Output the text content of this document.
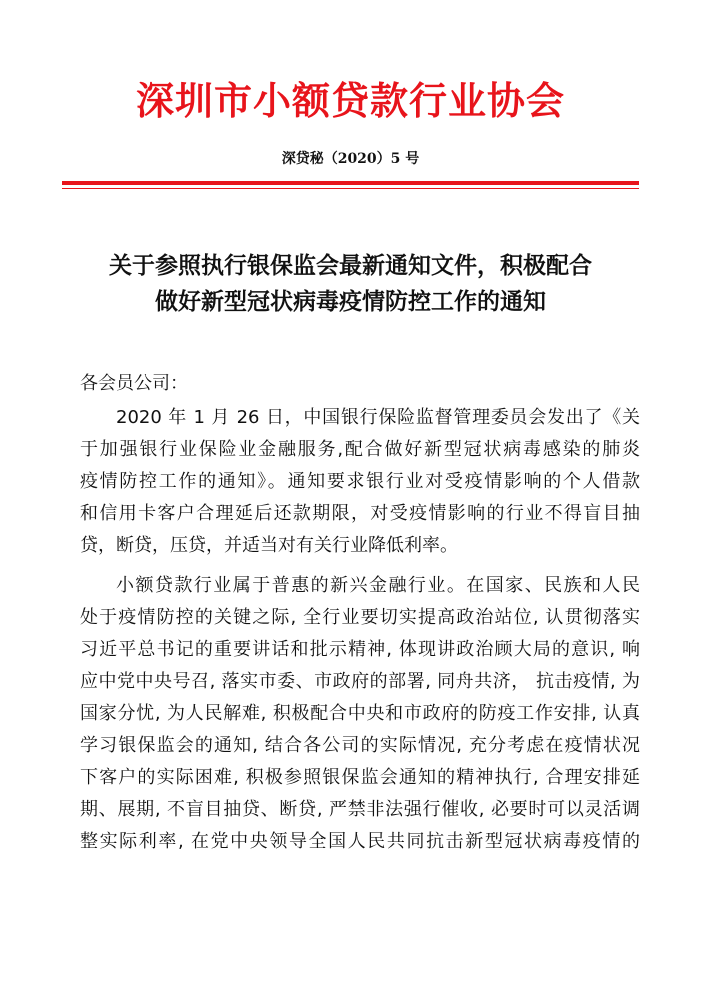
深圳市小额贷款行业协会
深贷秘（2020）5 号
关于参照执行银保监会最新通知文件，积极配合
做好新型冠状病毒疫情防控工作的通知
各会员公司：
2020 年 1 月 26 日，中国银行保险监督管理委员会发出了《关
于加强银行业保险业金融服务,配合做好新型冠状病毒感染的肺炎
疫情防控工作的通知》。通知要求银行业对受疫情影响的个人借款
和信用卡客户合理延后还款期限，对受疫情影响的行业不得盲目抽
贷，断贷，压贷，并适当对有关行业降低利率。
小额贷款行业属于普惠的新兴金融行业。在国家、民族和人民
处于疫情防控的关键之际, 全行业要切实提高政治站位, 认贯彻落实
习近平总书记的重要讲话和批示精神, 体现讲政治顾大局的意识, 响
应中党中央号召, 落实市委、市政府的部署, 同舟共济， 抗击疫情, 为
国家分忧, 为人民解难, 积极配合中央和市政府的防疫工作安排, 认真
学习银保监会的通知, 结合各公司的实际情况, 充分考虑在疫情状况
下客户的实际困难, 积极参照银保监会通知的精神执行, 合理安排延
期、展期, 不盲目抽贷、断贷, 严禁非法强行催收, 必要时可以灵活调
整实际利率, 在党中央领导全国人民共同抗击新型冠状病毒疫情的
